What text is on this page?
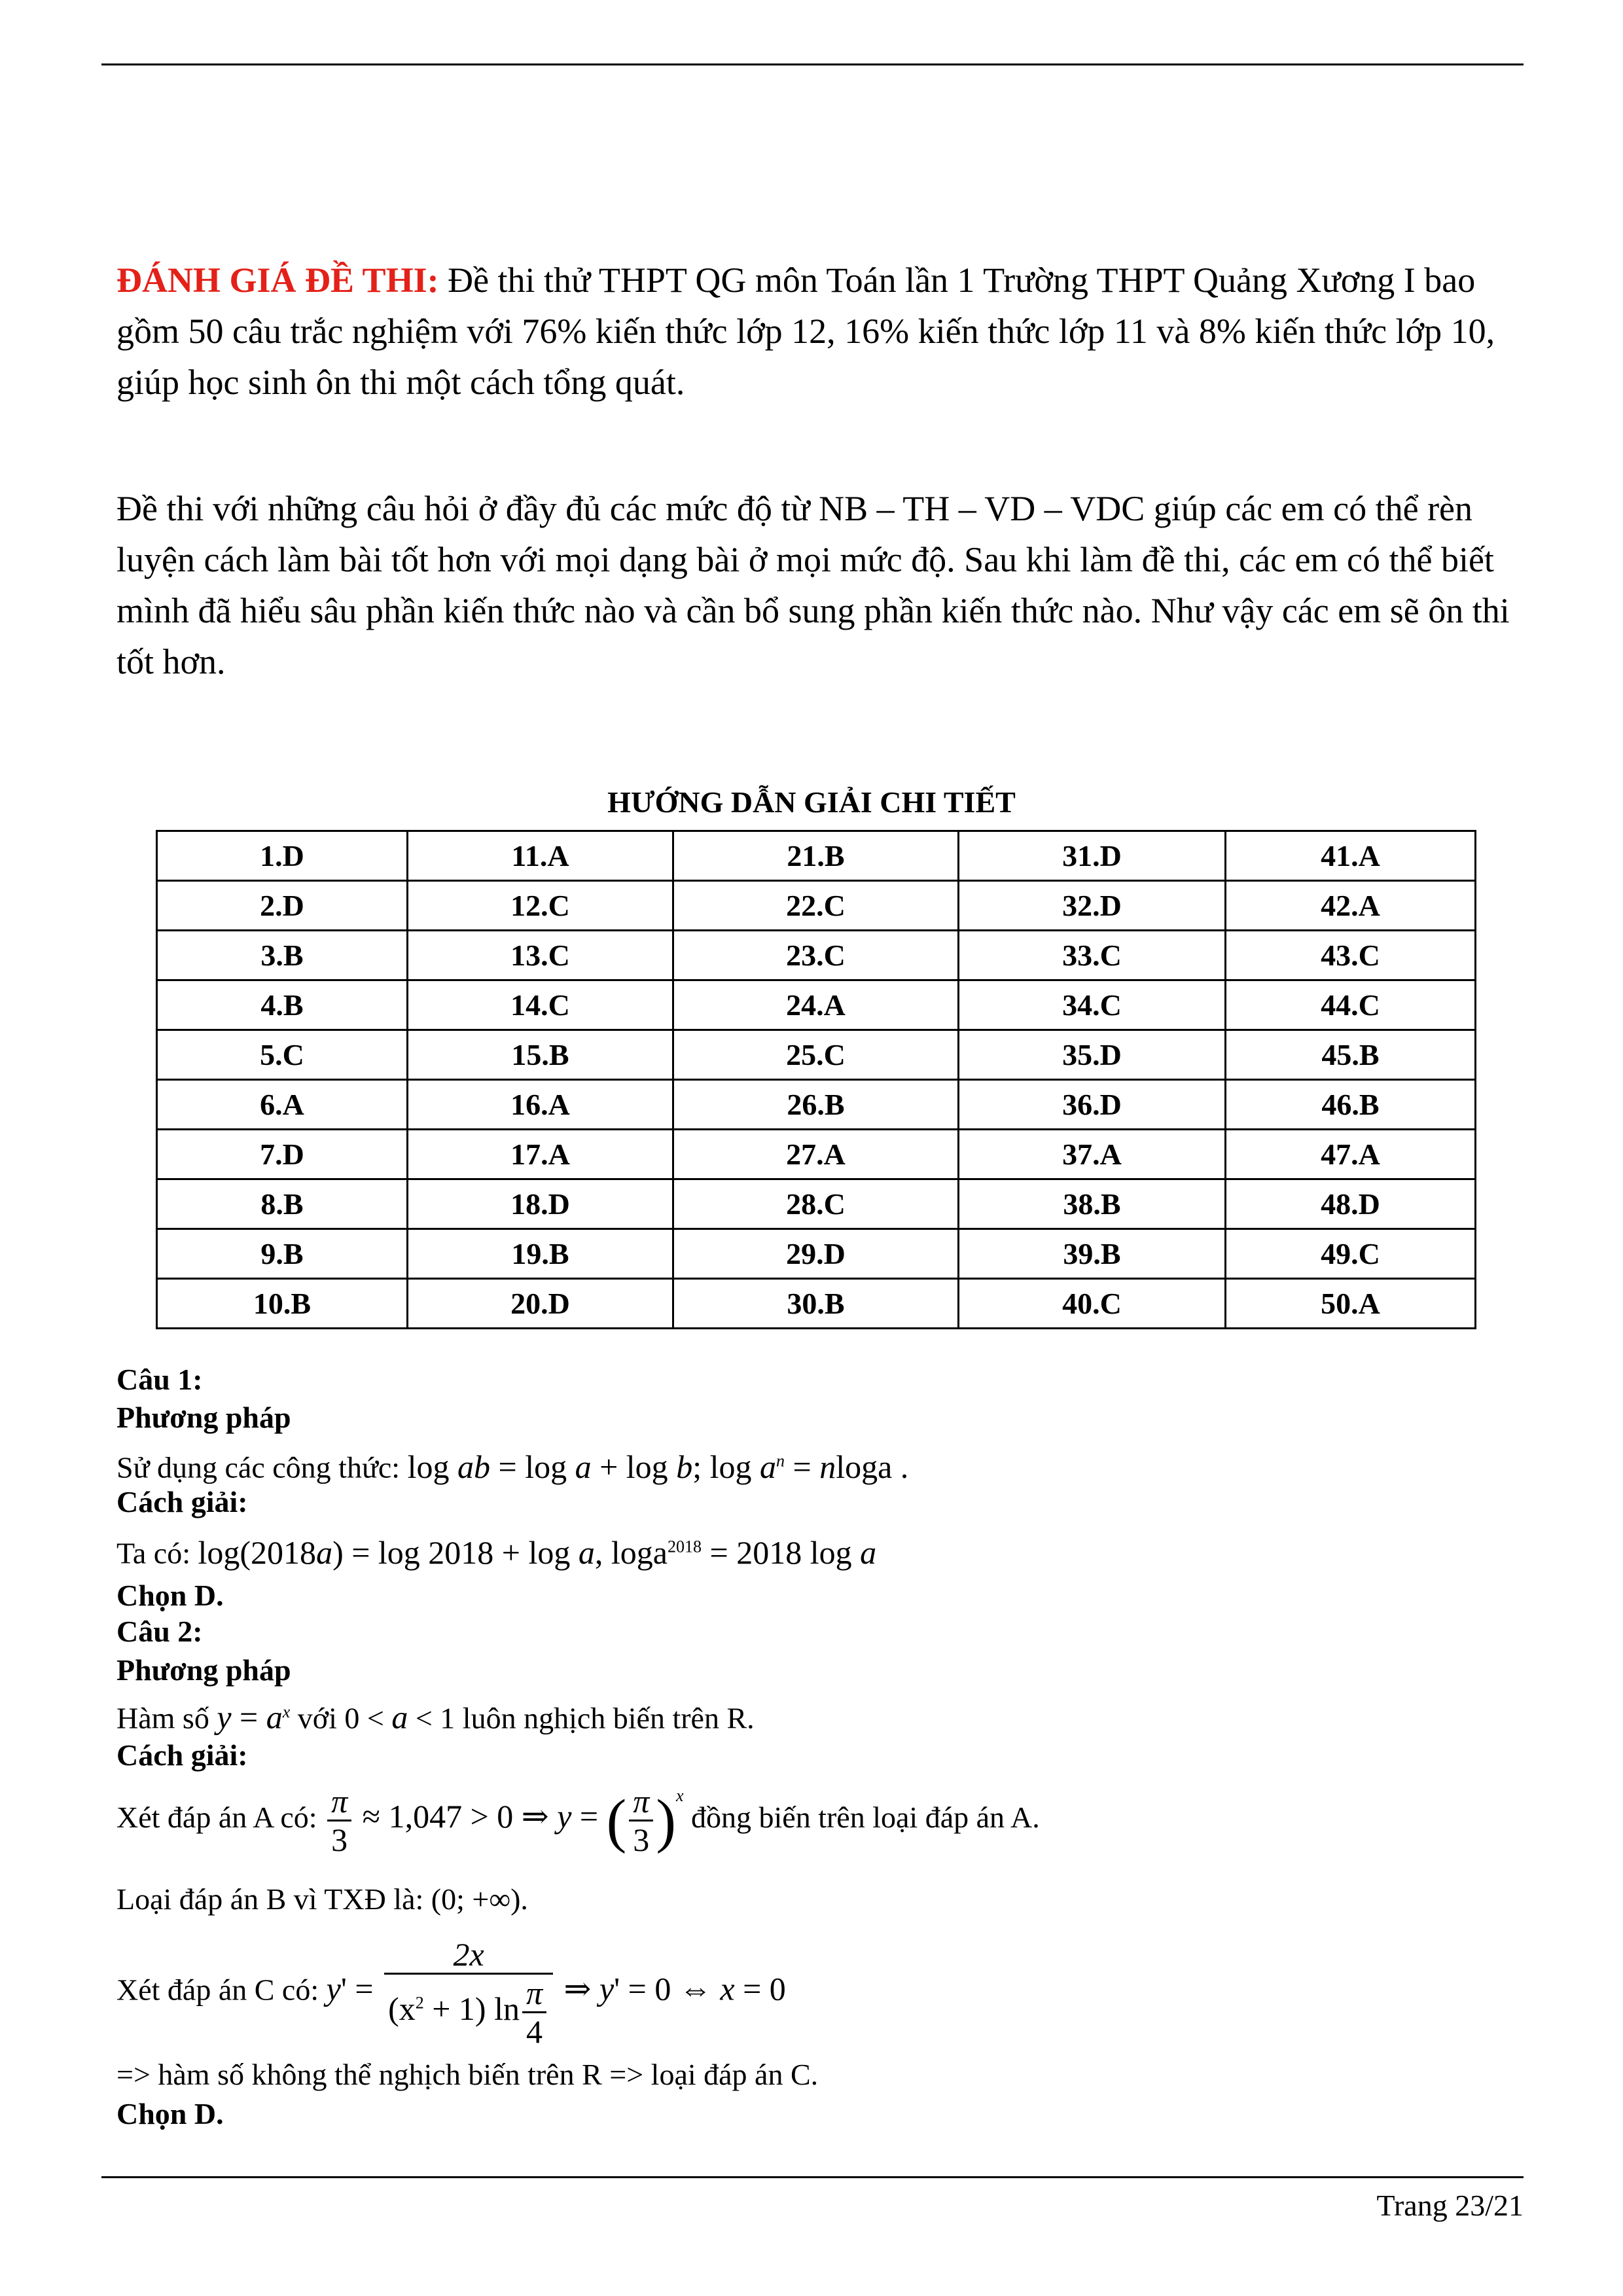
ĐÁNH GIÁ ĐỀ THI: Đề thi thử THPT QG môn Toán lần 1 Trường THPT Quảng Xương I bao gồm 50 câu trắc nghiệm với 76% kiến thức lớp 12, 16% kiến thức lớp 11 và 8% kiến thức lớp 10, giúp học sinh ôn thi một cách tổng quát.

Đề thi với những câu hỏi ở đầy đủ các mức độ từ NB – TH – VD – VDC giúp các em có thể rèn luyện cách làm bài tốt hơn với mọi dạng bài ở mọi mức độ. Sau khi làm đề thi, các em có thể biết mình đã hiểu sâu phần kiến thức nào và cần bổ sung phần kiến thức nào. Như vậy các em sẽ ôn thi tốt hơn.

HƯỚNG DẪN GIẢI CHI TIẾT
1.D	11.A	21.B	31.D	41.A
2.D	12.C	22.C	32.D	42.A
3.B	13.C	23.C	33.C	43.C
4.B	14.C	24.A	34.C	44.C
5.C	15.B	25.C	35.D	45.B
6.A	16.A	26.B	36.D	46.B
7.D	17.A	27.A	37.A	47.A
8.B	18.D	28.C	38.B	48.D
9.B	19.B	29.D	39.B	49.C
10.B	20.D	30.B	40.C	50.A
Câu 1:
Phương pháp
Sử dụng các công thức: log ab = log a + log b; $\log a^n = nloga$ .
Cách giải:
Ta có: log(2018a) = log 2018 + log a, loga$^{2018}$ = 2018 log a
Chọn D.
Câu 2:
Phương pháp
Hàm số $y = a^x$ với 0 < a < 1 luôn nghịch biến trên R.
Cách giải:
Xét đáp án A có: $\frac{\pi}{3} \approx 1,047 > 0$ ⇒ y = ( $\frac{\pi}{3} )^x$ đồng biến trên loại đáp án A.
Loại đáp án B vì TXĐ là: (0; +∞).
Xét đáp án C có: $y' = \frac{2x}{(x^2 + 1) \ln \frac{\pi}{4}}$ ⇒ y' = 0 ⇔ x = 0
=> hàm số không thể nghịch biến trên R => loại đáp án C.
Chọn D.
Trang 23/21
